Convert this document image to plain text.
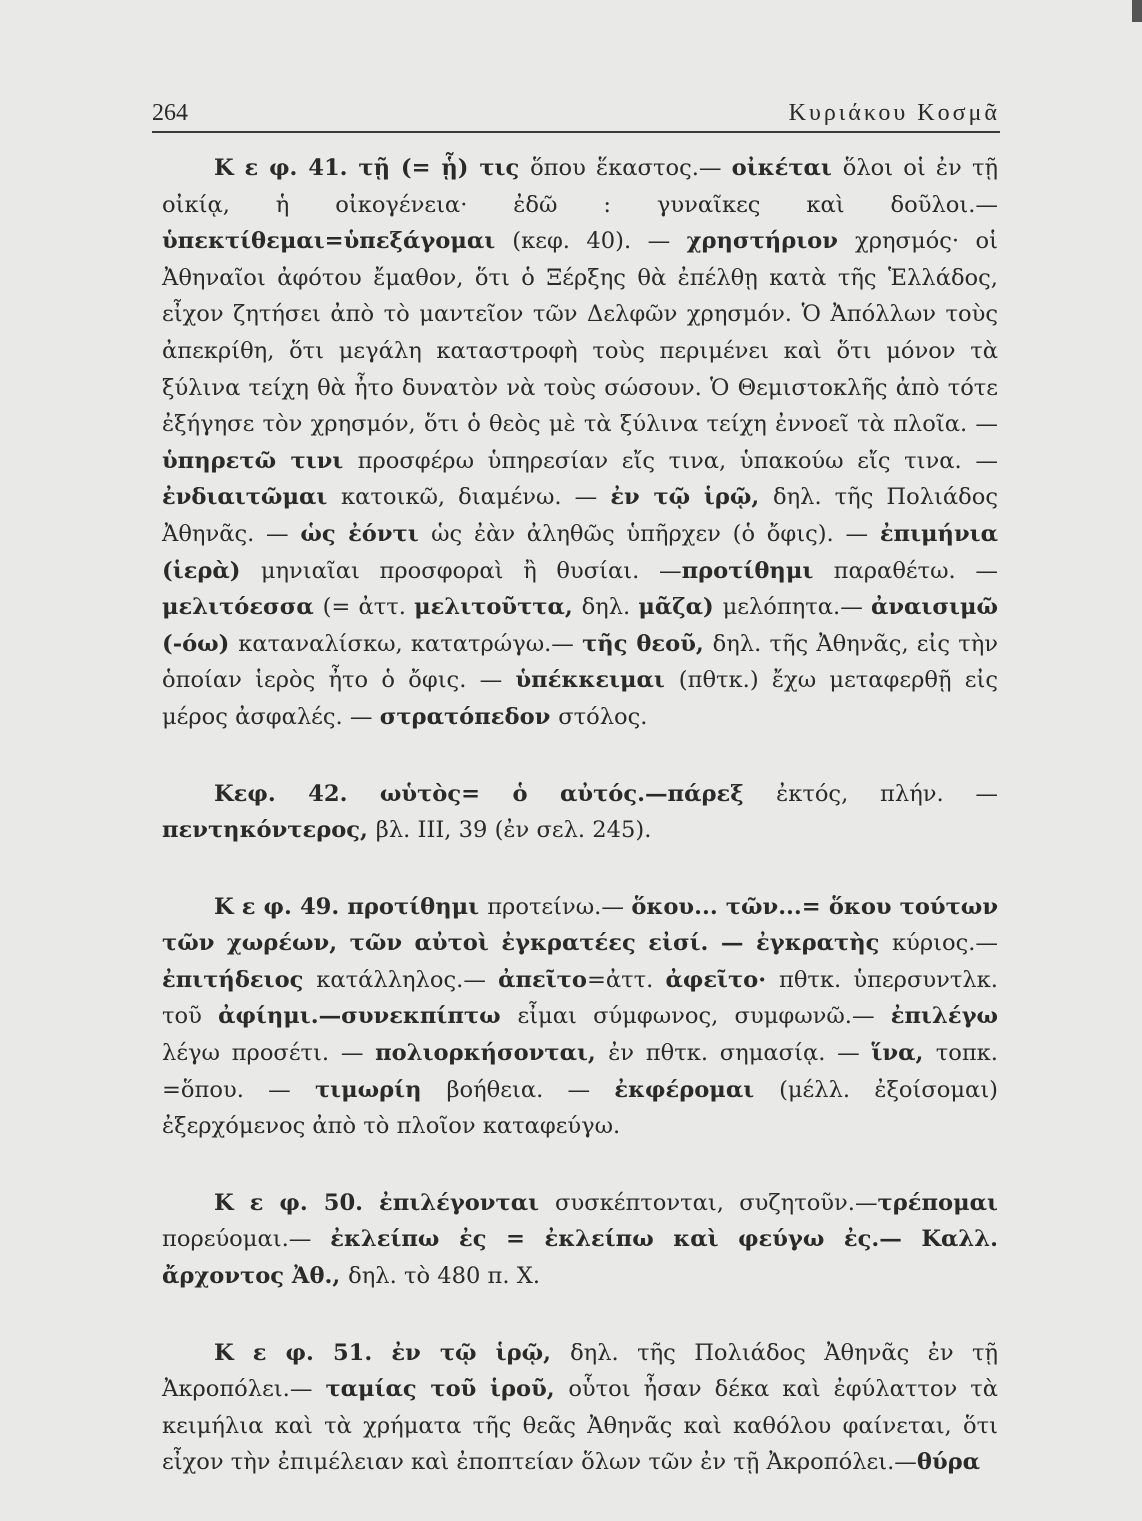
264	Κυριάκου Κοσμᾶ

Κ ε φ. 41. τῇ (= ᾗ) τις ὅπου ἕκαστος.— οἰκέται ὅλοι οἱ ἐν τῇ οἰκίᾳ, ἡ οἰκογένεια· ἐδῶ : γυναῖκες καὶ δοῦλοι.—ὑπεκτίθεμαι=ὑπεξάγομαι (κεφ. 40). — χρηστήριον χρησμός· οἱ Ἀθηναῖοι ἀφότου ἔμαθον, ὅτι ὁ Ξέρξης θὰ ἐπέλθῃ κατὰ τῆς Ἑλλάδος, εἶχον ζητήσει ἀπὸ τὸ μαντεῖον τῶν Δελφῶν χρησμόν. Ὁ Ἀπόλλων τοὺς ἀπεκρίθη, ὅτι μεγάλη καταστροφὴ τοὺς περιμένει καὶ ὅτι μόνον τὰ ξύλινα τείχη θὰ ἦτο δυνατὸν νὰ τοὺς σώσουν. Ὁ Θεμιστοκλῆς ἀπὸ τότε ἐξήγησε τὸν χρησμόν, ὅτι ὁ θεὸς μὲ τὰ ξύλινα τείχη ἐννοεῖ τὰ πλοῖα. — ὑπηρετῶ τινι προσφέρω ὑπηρεσίαν εἴς τινα, ὑπακούω εἴς τινα. —ἐνδιαιτῶμαι κατοικῶ, διαμένω. — ἐν τῷ ἱρῷ, δηλ. τῆς Πολιάδος Ἀθηνᾶς. — ὡς ἐόντι ὡς ἐὰν ἀληθῶς ὑπῆρχεν (ὁ ὄφις). — ἐπιμήνια (ἱερὰ) μηνιαῖαι προσφοραὶ ἢ θυσίαι. —προτίθημι παραθέτω. — μελιτόεσσα (= ἀττ. μελιτοῦττα, δηλ. μᾶζα) μελόπητα.— ἀναισιμῶ (-όω) καταναλίσκω, κατατρώγω.— τῆς θεοῦ, δηλ. τῆς Ἀθηνᾶς, εἰς τὴν ὁποίαν ἱερὸς ἦτο ὁ ὄφις. — ὑπέκκειμαι (πθτκ.) ἔχω μεταφερθῇ εἰς μέρος ἀσφαλές. — στρατόπεδον στόλος.

Κεφ. 42. ωὑτὸς= ὁ αὐτός.—πάρεξ ἐκτός, πλήν. —πεντηκόντερος, βλ. III, 39 (ἐν σελ. 245).

Κ ε φ. 49. προτίθημι προτείνω.— ὅκου... τῶν...= ὅκου τούτων τῶν χωρέων, τῶν αὐτοὶ ἐγκρατέες εἰσί. — ἐγκρατὴς κύριος.—ἐπιτήδειος κατάλληλος.— ἀπεῖτο=ἀττ. ἀφεῖτο· πθτκ. ὑπερσυντλκ. τοῦ ἀφίημι.—συνεκπίπτω εἶμαι σύμφωνος, συμφωνῶ.— ἐπιλέγω λέγω προσέτι. — πολιορκήσονται, ἐν πθτκ. σημασίᾳ. — ἵνα, τοπκ. =ὅπου. — τιμωρίη βοήθεια. — ἐκφέρομαι (μέλλ. ἐξοίσομαι) ἐξερχόμενος ἀπὸ τὸ πλοῖον καταφεύγω.

Κ ε φ. 50. ἐπιλέγονται συσκέπτονται, συζητοῦν.—τρέπομαι πορεύομαι.— ἐκλείπω ἐς = ἐκλείπω καὶ φεύγω ἐς.— Καλλ. ἄρχοντος Ἀθ., δηλ. τὸ 480 π. Χ.

Κ ε φ. 51. ἐν τῷ ἱρῷ, δηλ. τῆς Πολιάδος Ἀθηνᾶς ἐν τῇ Ἀκροπόλει.— ταμίας τοῦ ἱροῦ, οὗτοι ἦσαν δέκα καὶ ἐφύλαττον τὰ κειμήλια καὶ τὰ χρήματα τῆς θεᾶς Ἀθηνᾶς καὶ καθόλου φαίνεται, ὅτι εἶχον τὴν ἐπιμέλειαν καὶ ἐποπτείαν ὅλων τῶν ἐν τῇ Ἀκροπόλει.—θύρα
